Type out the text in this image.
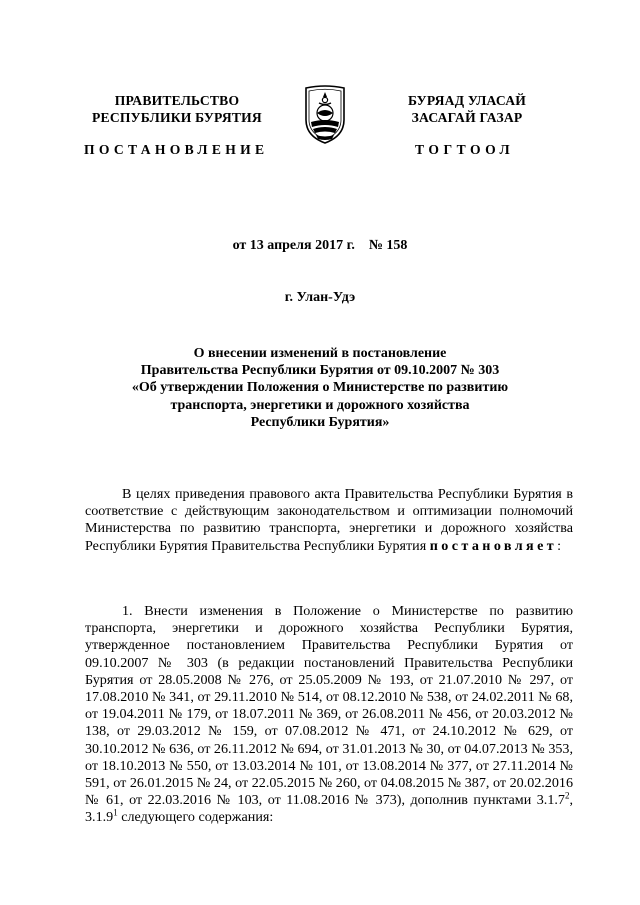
ПРАВИТЕЛЬСТВО
РЕСПУБЛИКИ БУРЯТИЯ
БУРЯАД УЛАСАЙ
ЗАСАГАЙ ГАЗАР
ПОСТАНОВЛЕНИЕ	ТОГТООЛ
от 13 апреля 2017 г. № 158
г. Улан-Удэ
О внесении изменений в постановление
Правительства Республики Бурятия от 09.10.2007 № 303
«Об утверждении Положения о Министерстве по развитию
транспорта, энергетики и дорожного хозяйства
Республики Бурятия»
В целях приведения правового акта Правительства Республики Бурятия в соответствие с действующим законодательством и оптимизации полномочий Министерства по развитию транспорта, энергетики и дорожного хозяйства Республики Бурятия Правительства Республики Бурятия постановляет:
1. Внести изменения в Положение о Министерстве по развитию транспорта, энергетики и дорожного хозяйства Республики Бурятия, утвержденное постановлением Правительства Республики Бурятия от 09.10.2007 № 303 (в редакции постановлений Правительства Республики Бурятия от 28.05.2008 № 276, от 25.05.2009 № 193, от 21.07.2010 № 297, от 17.08.2010 № 341, от 29.11.2010 № 514, от 08.12.2010 № 538, от 24.02.2011 № 68, от 19.04.2011 № 179, от 18.07.2011 № 369, от 26.08.2011 № 456, от 20.03.2012 № 138, от 29.03.2012 № 159, от 07.08.2012 № 471, от 24.10.2012 № 629, от 30.10.2012 № 636, от 26.11.2012 № 694, от 31.01.2013 № 30, от 04.07.2013 № 353, от 18.10.2013 № 550, от 13.03.2014 № 101, от 13.08.2014 № 377, от 27.11.2014 № 591, от 26.01.2015 № 24, от 22.05.2015 № 260, от 04.08.2015 № 387, от 20.02.2016 № 61, от 22.03.2016 № 103, от 11.08.2016 № 373), дополнив пунктами 3.1.7$^2$, 3.1.9$^1$ следующего содержания:
